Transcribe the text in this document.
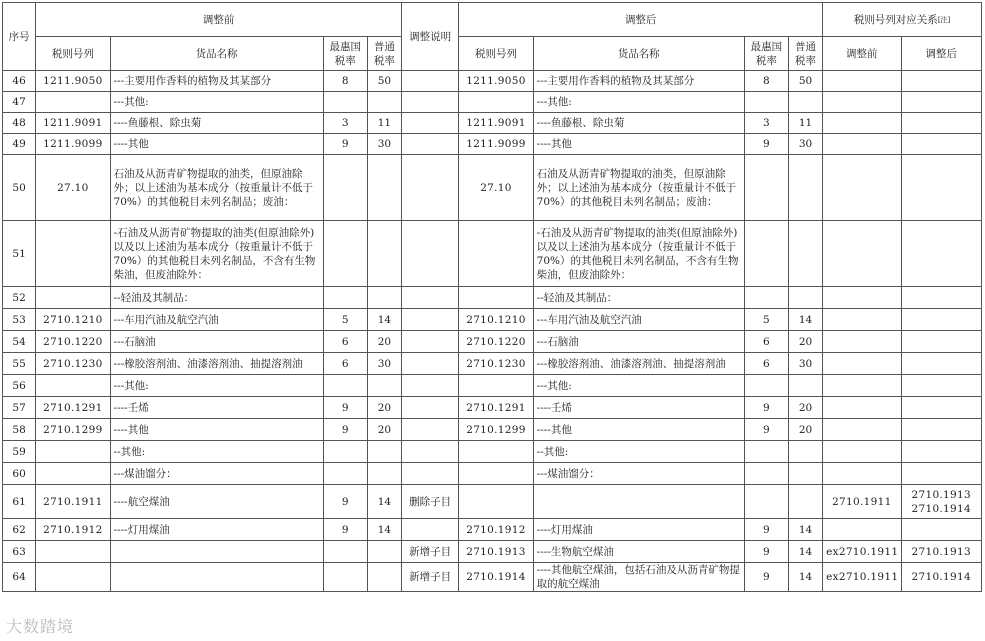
序号	调整前				调整说明	调整后				税则号列对应关系[注]
	税则号列	货品名称	最惠国税率	普通税率		税则号列	货品名称	最惠国税率	普通税率	调整前	调整后
46	1211.9050	---主要用作香料的植物及其某部分	8	50		1211.9050	---主要用作香料的植物及其某部分	8	50		
47		---其他:					---其他:				
48	1211.9091	----鱼藤根、除虫菊	3	11		1211.9091	----鱼藤根、除虫菊	3	11		
49	1211.9099	----其他	9	30		1211.9099	----其他	9	30		
50	27.10	石油及从沥青矿物提取的油类，但原油除外；以上述油为基本成分（按重量计不低于70%）的其他税目未列名制品；废油：				27.10	石油及从沥青矿物提取的油类，但原油除外；以上述油为基本成分（按重量计不低于70%）的其他税目未列名制品；废油：				
51		-石油及从沥青矿物提取的油类(但原油除外)以及以上述油为基本成分（按重量计不低于70%）的其他税目未列名制品，不含有生物柴油，但废油除外：					-石油及从沥青矿物提取的油类(但原油除外)以及以上述油为基本成分（按重量计不低于70%）的其他税目未列名制品，不含有生物柴油，但废油除外：				
52		--轻油及其制品：					--轻油及其制品：				
53	2710.1210	---车用汽油及航空汽油	5	14		2710.1210	---车用汽油及航空汽油	5	14		
54	2710.1220	---石脑油	6	20		2710.1220	---石脑油	6	20		
55	2710.1230	---橡胶溶剂油、油漆溶剂油、抽提溶剂油	6	30		2710.1230	---橡胶溶剂油、油漆溶剂油、抽提溶剂油	6	30		
56		---其他:					---其他:				
57	2710.1291	----壬烯	9	20		2710.1291	----壬烯	9	20		
58	2710.1299	----其他	9	20		2710.1299	----其他	9	20		
59		--其他:					--其他:				
60		---煤油馏分：					---煤油馏分：				
61	2710.1911	----航空煤油	9	14	删除子目					2710.1911	2710.1913
2710.1914
62	2710.1912	----灯用煤油	9	14		2710.1912	----灯用煤油	9	14		
63					新增子目	2710.1913	----生物航空煤油	9	14	ex2710.1911	2710.1913
64					新增子目	2710.1914	----其他航空煤油，包括石油及从沥青矿物提取的航空煤油	9	14	ex2710.1911	2710.1914
大数踏境
